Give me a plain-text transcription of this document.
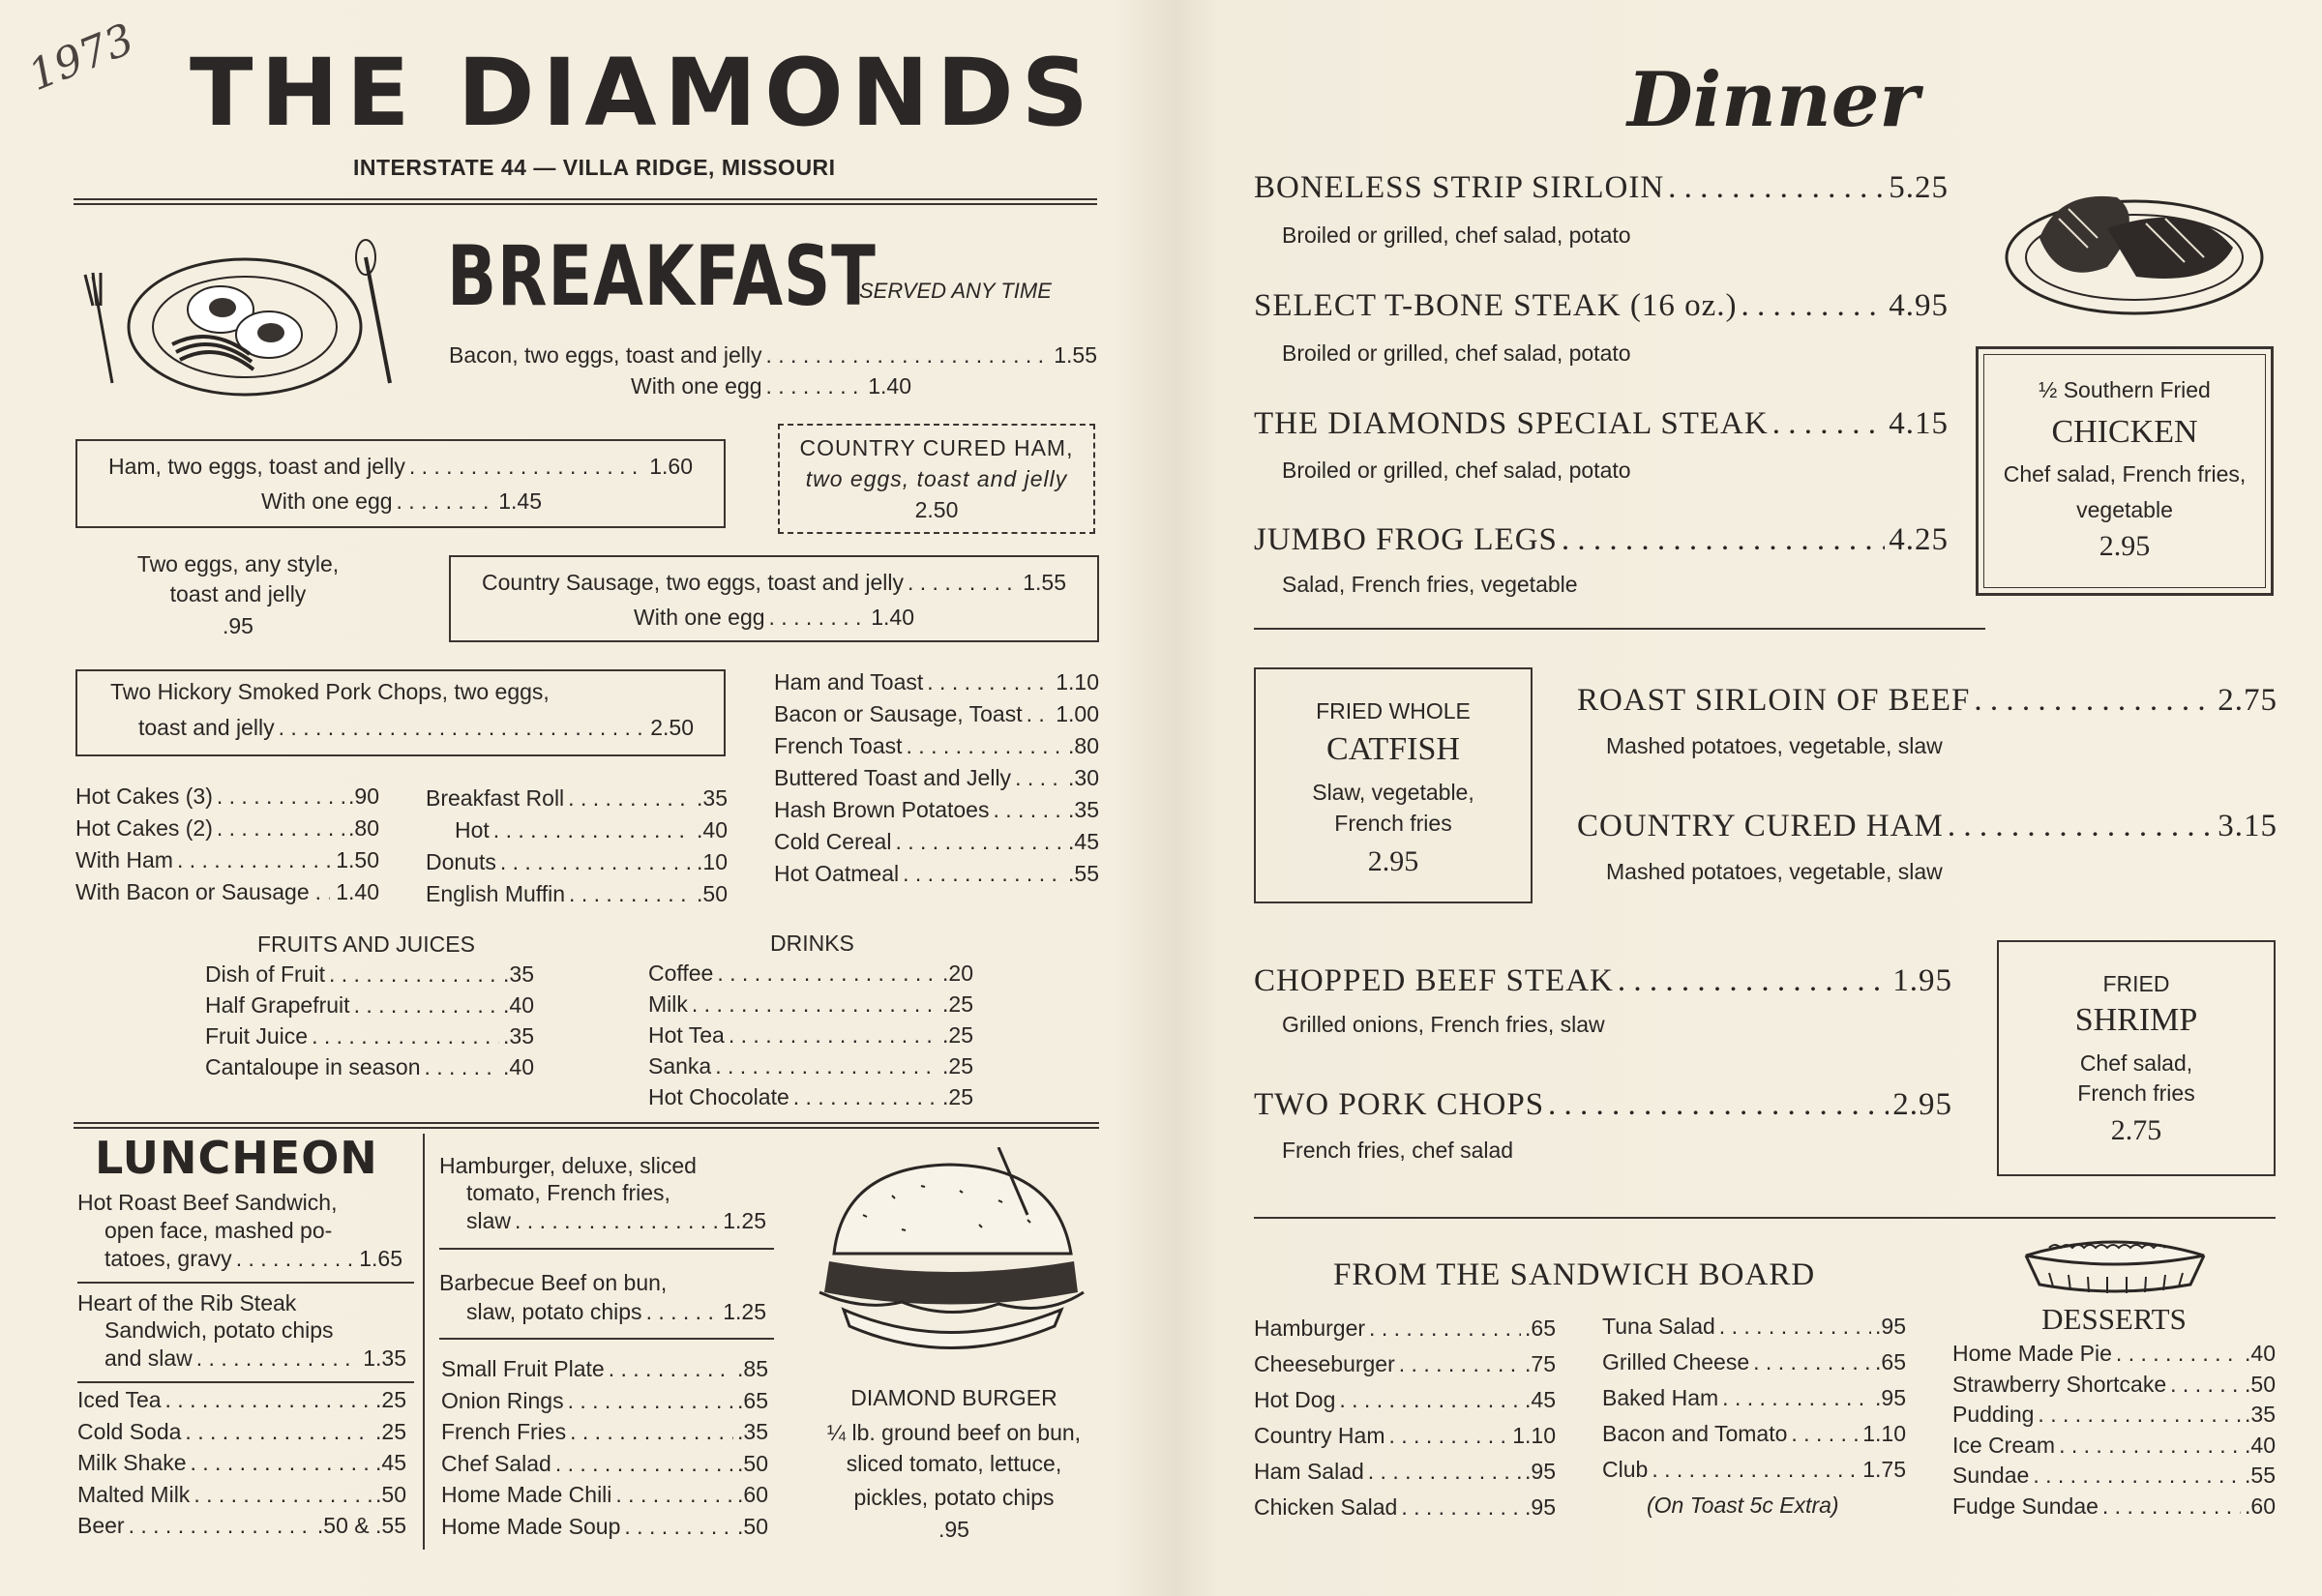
1973 THE DIAMONDS
INTERSTATE 44 — VILLA RIDGE, MISSOURI
BREAKFAST
SERVED ANY TIME
Bacon, two eggs, toast and jelly . . .	1.55
With one egg . . .	1.40
Ham, two eggs, toast and jelly . . .	1.60
With one egg . . .	1.45
COUNTRY CURED HAM,
two eggs, toast and jelly
2.50
Two eggs, any style,
toast and jelly
.95
Country Sausage, two eggs, toast and jelly . . .	1.55
With one egg . . .	1.40
Two Hickory Smoked Pork Chops, two eggs,
toast and jelly . . .	2.50
Ham and Toast . . .	1.10
Bacon or Sausage, Toast . . . 1.00
French Toast . . .	.80
Buttered Toast and Jelly . . .	.30
Hash Brown Potatoes . . .	.35
Cold Cereal . . .	.45
Hot Oatmeal . . .	.55
Hot Cakes (3) . . .	.90
Hot Cakes (2) . . .	.80
With Ham . . .	1.50
With Bacon or Sausage . . . 1.40
Breakfast Roll . . .	.35
Hot . . .	.40
Donuts . . .	.10
English Muffin . . .	.50
FRUITS AND JUICES
Dish of Fruit . . .	.35
Half Grapefruit . . .	.40
Fruit Juice . . .	.35
Cantaloupe in season . . .	.40
DRINKS
Coffee . . .	.20
Milk . . .	.25
Hot Tea . . .	.25
Sanka . . .	.25
Hot Chocolate . . .	.25
LUNCHEON
Hot Roast Beef Sandwich,
open face, mashed po-
tatoes, gravy . . .	1.65
Heart of the Rib Steak
Sandwich, potato chips
and slaw . . .	1.35
Iced Tea . . .	.25
Cold Soda . . .	.25
Milk Shake . . .	.45
Malted Milk . . .	.50
Beer . . .	.50 & .55
Hamburger, deluxe, sliced
tomato, French fries,
slaw . . .	1.25
Barbecue Beef on bun,
slaw, potato chips . . .	1.25
Small Fruit Plate . . .	.85
Onion Rings . . .	.65
French Fries . . .	.35
Chef Salad . . .	.50
Home Made Chili . . .	.60
Home Made Soup . . .	.50
DIAMOND BURGER
¼ lb. ground beef on bun,
sliced tomato, lettuce,
pickles, potato chips
.95
Dinner
BONELESS STRIP SIRLOIN . . .	5.25
Broiled or grilled, chef salad, potato
SELECT T-BONE STEAK (16 oz.) . . .	4.95
Broiled or grilled, chef salad, potato
THE DIAMONDS SPECIAL STEAK . . .	4.15
Broiled or grilled, chef salad, potato
JUMBO FROG LEGS . . .	4.25
Salad, French fries, vegetable
½ Southern Fried
CHICKEN
Chef salad, French fries,
vegetable
2.95
FRIED WHOLE
CATFISH
Slaw, vegetable,
French fries
2.95
ROAST SIRLOIN OF BEEF . . .	2.75
Mashed potatoes, vegetable, slaw
COUNTRY CURED HAM . . .	3.15
Mashed potatoes, vegetable, slaw
CHOPPED BEEF STEAK . . .	1.95
Grilled onions, French fries, slaw
TWO PORK CHOPS . . .	2.95
French fries, chef salad
FRIED
SHRIMP
Chef salad,
French fries
2.75
FROM THE SANDWICH BOARD
Hamburger . . .	.65
Cheeseburger . . .	.75
Hot Dog . . .	.45
Country Ham . . .	1.10
Ham Salad . . .	.95
Chicken Salad . . .	.95
Tuna Salad . . .	.95
Grilled Cheese . . .	.65
Baked Ham . . .	.95
Bacon and Tomato . . .	1.10
Club . . .	1.75
(On Toast 5c Extra)
DESSERTS
Home Made Pie . . .	.40
Strawberry Shortcake . . .	.50
Pudding . . .	.35
Ice Cream . . .	.40
Sundae . . .	.55
Fudge Sundae . . .	.60
